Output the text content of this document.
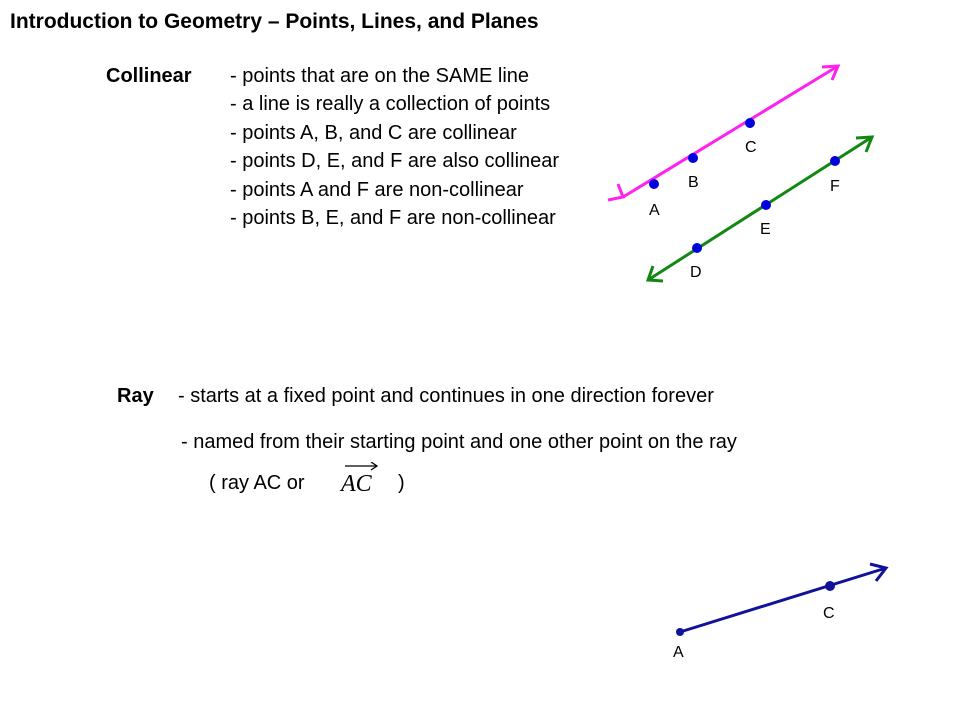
Introduction to Geometry – Points, Lines, and Planes
Collinear - points that are on the SAME line
- a line is really a collection of points
- points A, B, and C are collinear
- points D, E, and F are also collinear
- points A and F are non-collinear
- points B, E, and F are non-collinear
Ray - starts at a fixed point and continues in one direction forever
- named from their starting point and one other point on the ray
( ray AC or AC )
A
B
C
D
E
F
A
C
